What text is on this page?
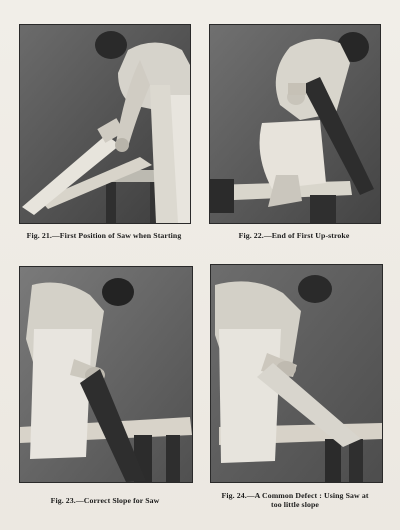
Fig. 21.—First Position of Saw when Starting	Fig. 22.—End of First Up-stroke
Fig. 23.—Correct Slope for Saw
Fig. 24.—A Common Defect : Using Saw at
too little slope
